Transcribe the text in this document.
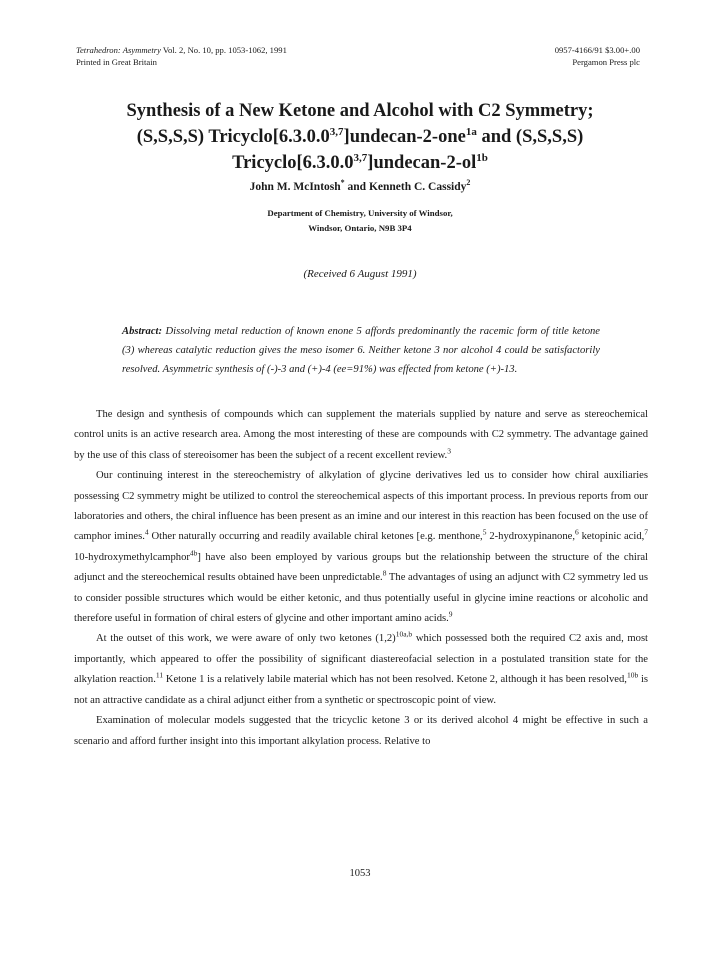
Tetrahedron: Asymmetry Vol. 2, No. 10, pp. 1053-1062, 1991
Printed in Great Britain
0957-4166/91 $3.00+.00
Pergamon Press plc
Synthesis of a New Ketone and Alcohol with C2 Symmetry;
(S,S,S,S) Tricyclo[6.3.0.0$^{3,7}$]undecan-2-one$^{1a}$ and (S,S,S,S)
$Tricyclo[6.3.0.0^{3,7}]undecan-2-ol^{1b}$
John M. McIntosh* and Kenneth C. Cassidy$^2$
Department of Chemistry, University of Windsor,
Windsor, Ontario, N9B 3P4
(Received 6 August 1991)
Abstract: Dissolving metal reduction of known enone 5 affords predominantly the racemic form of title ketone (3) whereas catalytic reduction gives the meso isomer 6. Neither ketone 3 nor alcohol 4 could be satisfactorily resolved. Asymmetric synthesis of (-)-3 and (+)-4 (ee=91%) was effected from ketone (+)-13.

The design and synthesis of compounds which can supplement the materials supplied by nature and serve as stereochemical control units is an active research area. Among the most interesting of these are compounds with C2 symmetry. The advantage gained by the use of this class of stereoisomer has been the subject of a recent excellent review.$^3$

Our continuing interest in the stereochemistry of alkylation of glycine derivatives led us to consider how chiral auxiliaries possessing C2 symmetry might be utilized to control the stereochemical aspects of this important process. In previous reports from our laboratories and others, the chiral influence has been present as an imine and our interest in this reaction has been focused on the use of camphor imines.$^4$ Other naturally occurring and readily available chiral ketones [e.g. menthone,$^5$ 2-hydroxypinanone,$^6$ ketopinic acid,$^7$ 10-hydroxymethylcamphor$^{4b}$] have also been employed by various groups but the relationship between the structure of the chiral adjunct and the stereochemical results obtained have been unpredictable.$^8$ The advantages of using an adjunct with C2 symmetry led us to consider possible structures which would be either ketonic, and thus potentially useful in glycine imine reactions or alcoholic and therefore useful in formation of chiral esters of glycine and other important amino acids.$^9$

At the outset of this work, we were aware of only two ketones $(1,2)^{10a,b}$ which possessed both the required C2 axis and, most importantly, which appeared to offer the possibility of significant diastereofacial selection in a postulated transition state for the alkylation reaction.$^{11}$ Ketone 1 is a relatively labile material which has not been resolved. Ketone 2, although it has been resolved,$^{10b}$ is not an attractive candidate as a chiral adjunct either from a synthetic or spectroscopic point of view.

Examination of molecular models suggested that the tricyclic ketone 3 or its derived alcohol 4 might be effective in such a scenario and afford further insight into this important alkylation process. Relative to

1053
